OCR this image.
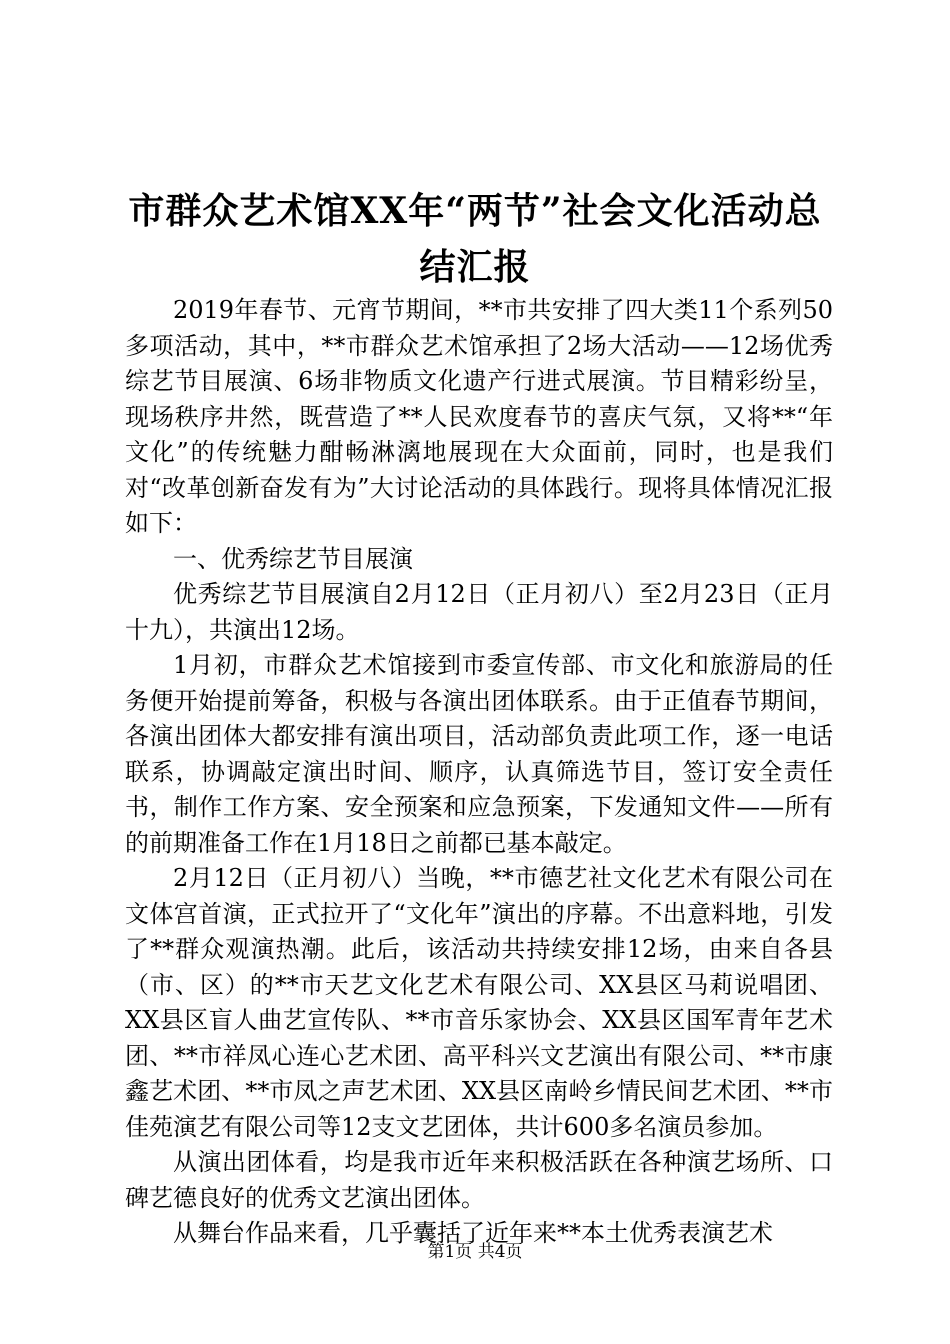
市群众艺术馆XX年“两节”社会文化活动总结汇报

2019年春节、元宵节期间，**市共安排了四大类11个系列50多项活动，其中，**市群众艺术馆承担了2场大活动——12场优秀综艺节目展演、6场非物质文化遗产行进式展演。节目精彩纷呈，现场秩序井然，既营造了**人民欢度春节的喜庆气氛，又将**“年文化”的传统魅力酣畅淋漓地展现在大众面前，同时，也是我们对“改革创新奋发有为”大讨论活动的具体践行。现将具体情况汇报如下：

一、优秀综艺节目展演

优秀综艺节目展演自2月12日（正月初八）至2月23日（正月十九），共演出12场。

1月初，市群众艺术馆接到市委宣传部、市文化和旅游局的任务便开始提前筹备，积极与各演出团体联系。由于正值春节期间，各演出团体大都安排有演出项目，活动部负责此项工作，逐一电话联系，协调敲定演出时间、顺序，认真筛选节目，签订安全责任书，制作工作方案、安全预案和应急预案，下发通知文件——所有的前期准备工作在1月18日之前都已基本敲定。

2月12日（正月初八）当晚，**市德艺社文化艺术有限公司在文体宫首演，正式拉开了“文化年”演出的序幕。不出意料地，引发了**群众观演热潮。此后，该活动共持续安排12场，由来自各县（市、区）的**市天艺文化艺术有限公司、XX县区马莉说唱团、XX县区盲人曲艺宣传队、**市音乐家协会、XX县区国军青年艺术团、**市祥凤心连心艺术团、高平科兴文艺演出有限公司、**市康鑫艺术团、**市凤之声艺术团、XX县区南岭乡情民间艺术团、**市佳苑演艺有限公司等12支文艺团体，共计600多名演员参加。

从演出团体看，均是我市近年来积极活跃在各种演艺场所、口碑艺德良好的优秀文艺演出团体。

从舞台作品来看，几乎囊括了近年来**本土优秀表演艺术

第1页 共4页
